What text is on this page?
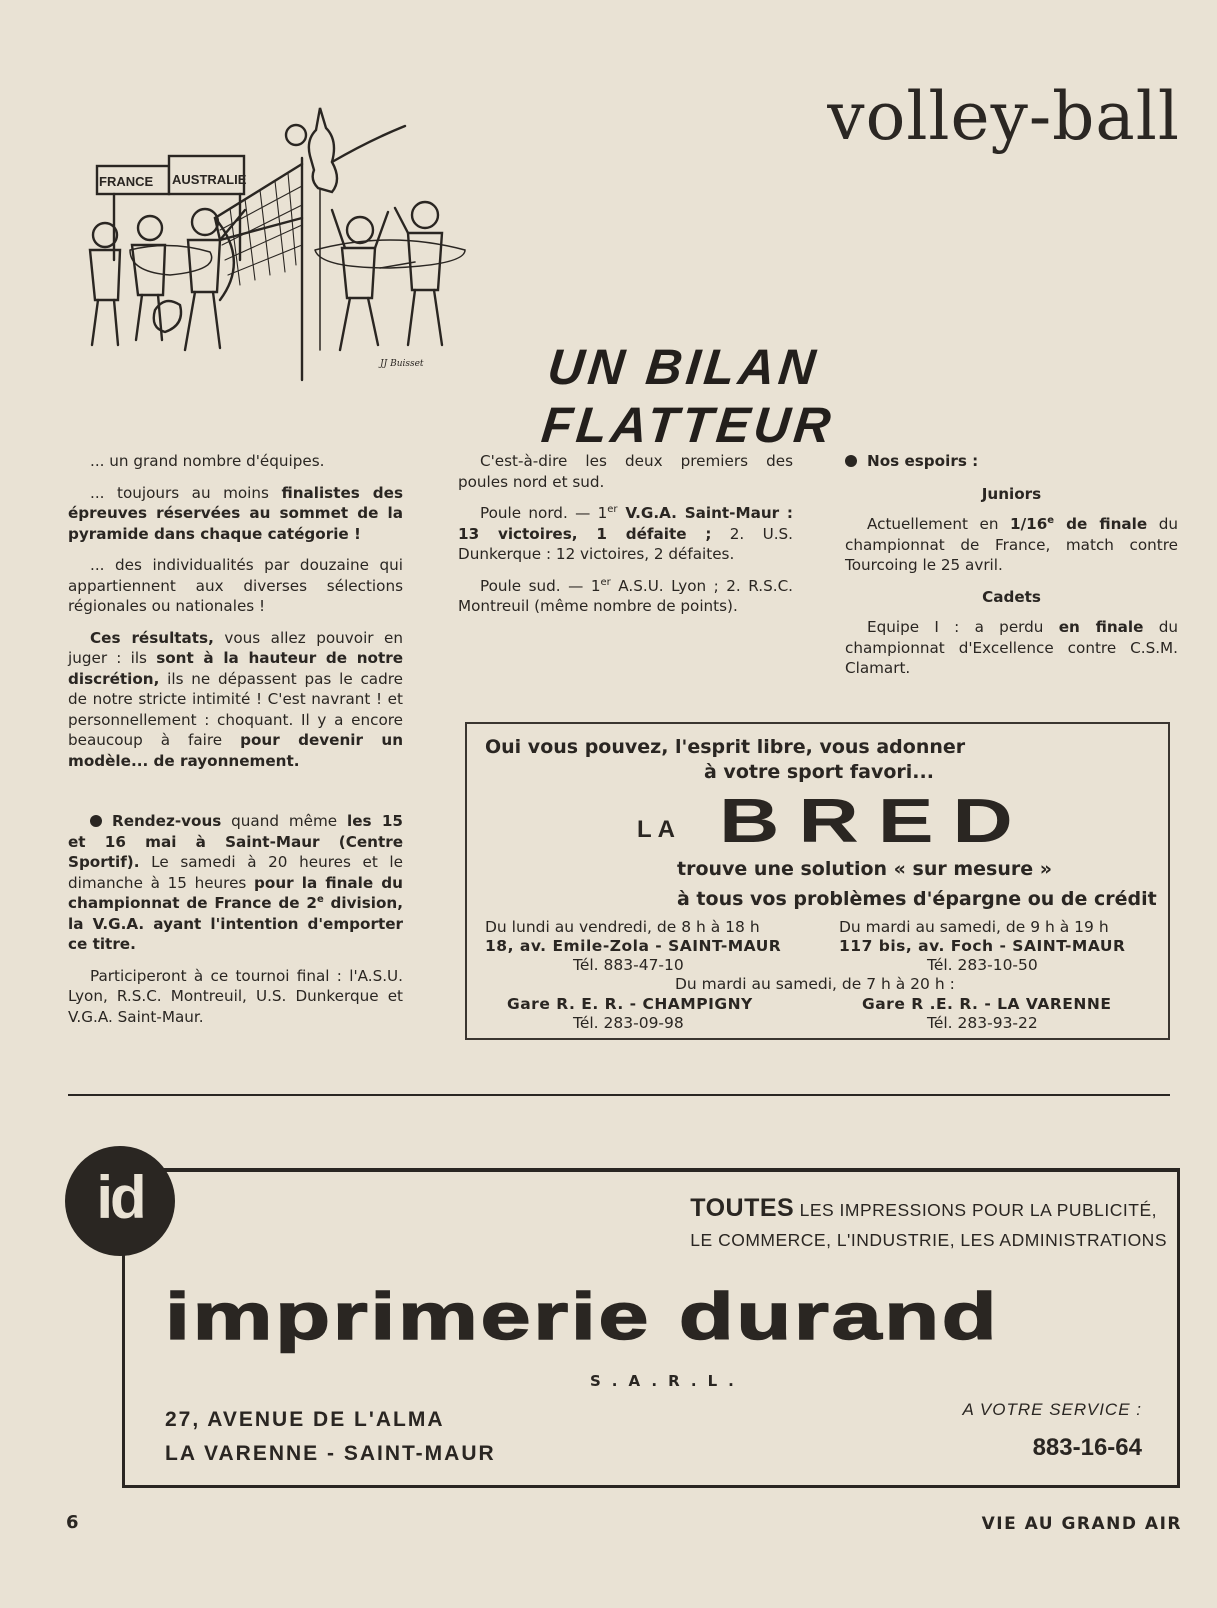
volley-ball
FRANCE AUSTRALIE
JJ Buisset UN BILAN FLATTEUR

... un grand nombre d'équipes.

... toujours au moins finalistes des épreuves réservées au sommet de la pyramide dans chaque catégorie !

... des individualités par douzaine qui appartiennent aux diverses sélections régionales ou nationales !

Ces résultats, vous allez pouvoir en juger : ils sont à la hauteur de notre discrétion, ils ne dépassent pas le cadre de notre stricte intimité ! C'est navrant ! et personnellement : choquant. Il y a encore beaucoup à faire pour devenir un modèle... de rayonnement.

Rendez-vous quand même les 15 et 16 mai à Saint-Maur (Centre Sportif). Le samedi à 20 heures et le dimanche à 15 heures pour la finale du championnat de France de 2e division, la V.G.A. ayant l'intention d'emporter ce titre.

Participeront à ce tournoi final : l'A.S.U. Lyon, R.S.C. Montreuil, U.S. Dunkerque et V.G.A. Saint-Maur.

C'est-à-dire les deux premiers des poules nord et sud.

Poule nord. — 1er V.G.A. Saint-Maur : 13 victoires, 1 défaite ; 2. U.S. Dunkerque : 12 victoires, 2 défaites.

Poule sud. — 1er A.S.U. Lyon ; 2. R.S.C. Montreuil (même nombre de points).

Nos espoirs :

Juniors

Actuellement en 1/16e de finale du championnat de France, match contre Tourcoing le 25 avril.

Cadets

Equipe I : a perdu en finale du championnat d'Excellence contre C.S.M. Clamart.

Oui vous pouvez, l'esprit libre, vous adonner
à votre sport favori...
LA BRED
trouve une solution « sur mesure »
à tous vos problèmes d'épargne ou de crédit
Du lundi au vendredi, de 8 h à 18 h	Du mardi au samedi, de 9 h à 19 h
18, av. Emile-Zola - SAINT-MAUR	117 bis, av. Foch - SAINT-MAUR
Tél. 883-47-10	Tél. 283-10-50
Du mardi au samedi, de 7 h à 20 h :
Gare R. E. R. - CHAMPIGNY	Gare R .E. R. - LA VARENNE
Tél. 283-09-98	Tél. 283-93-22
id	TOUTES LES IMPRESSIONS POUR LA PUBLICITÉ,
LE COMMERCE, L'INDUSTRIE, LES ADMINISTRATIONS
imprimerie durand
S.A.R.L.
27, AVENUE DE L'ALMA
LA VARENNE - SAINT-MAUR
A VOTRE SERVICE :
883-16-64
6	VIE AU GRAND AIR
